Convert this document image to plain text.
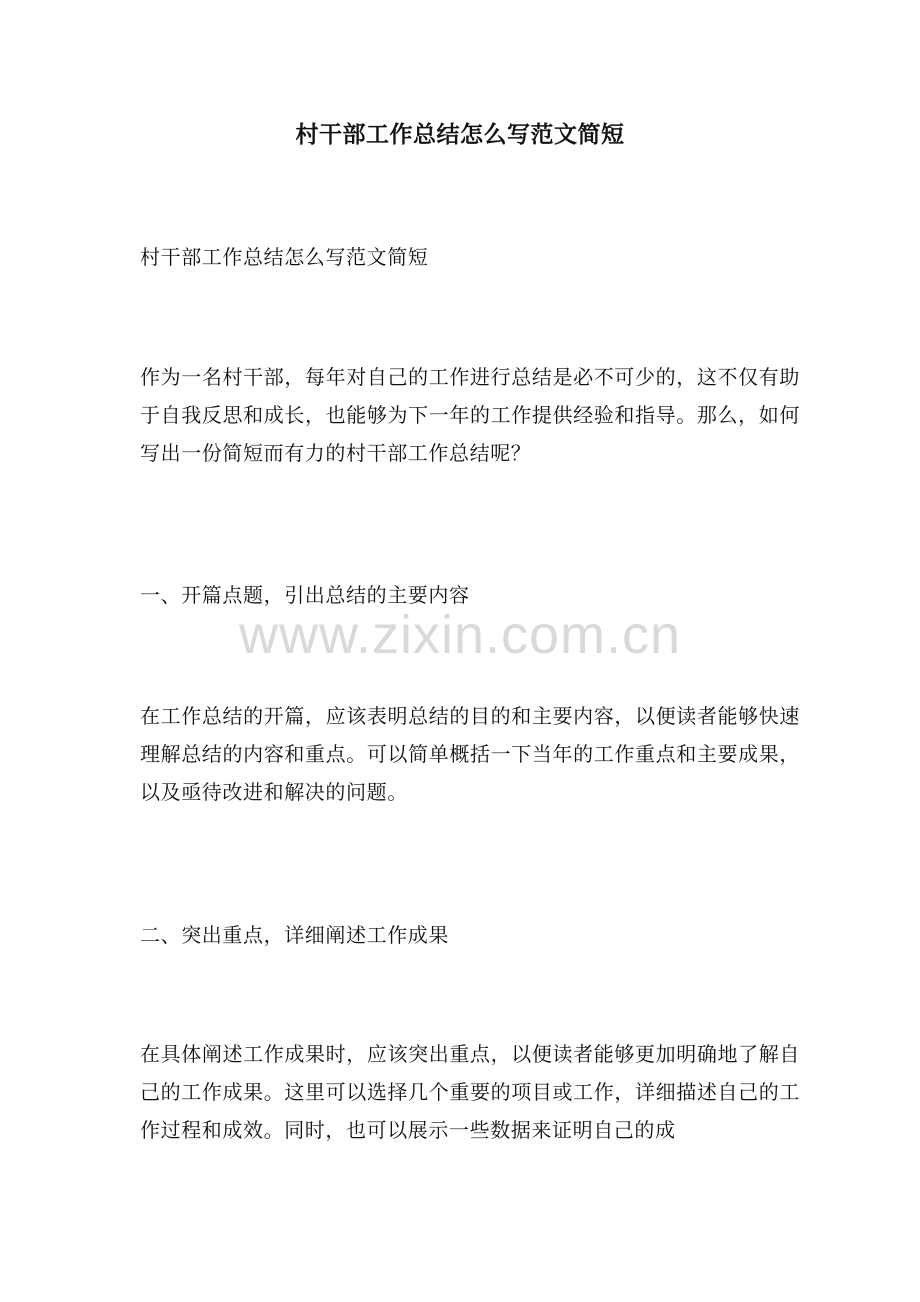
村干部工作总结怎么写范文简短
村干部工作总结怎么写范文简短
作为一名村干部，每年对自己的工作进行总结是必不可少的，这不仅有助于自我反思和成长，也能够为下一年的工作提供经验和指导。那么，如何写出一份简短而有力的村干部工作总结呢？
一、开篇点题，引出总结的主要内容
www.zixin.com.cn
在工作总结的开篇，应该表明总结的目的和主要内容，以便读者能够快速理解总结的内容和重点。可以简单概括一下当年的工作重点和主要成果，以及亟待改进和解决的问题。
二、突出重点，详细阐述工作成果
在具体阐述工作成果时，应该突出重点，以便读者能够更加明确地了解自己的工作成果。这里可以选择几个重要的项目或工作，详细描述自己的工作过程和成效。同时，也可以展示一些数据来证明自己的成
